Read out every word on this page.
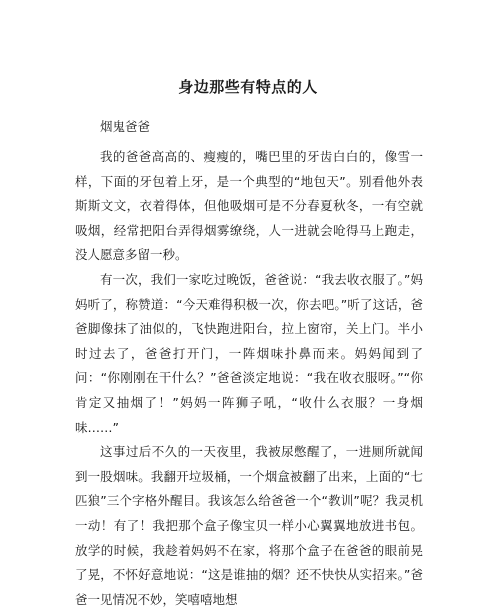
身边那些有特点的人
烟鬼爸爸

我的爸爸高高的、瘦瘦的，嘴巴里的牙齿白白的，像雪一样，下面的牙包着上牙，是一个典型的“地包天”。别看他外表斯斯文文，衣着得体，但他吸烟可是不分春夏秋冬，一有空就吸烟，经常把阳台弄得烟雾缭绕，人一进就会呛得马上跑走，没人愿意多留一秒。

有一次，我们一家吃过晚饭，爸爸说：“我去收衣服了。”妈妈听了，称赞道：“今天难得积极一次，你去吧。”听了这话，爸爸脚像抹了油似的，飞快跑进阳台，拉上窗帘，关上门。半小时过去了，爸爸打开门，一阵烟味扑鼻而来。妈妈闻到了问：“你刚刚在干什么？”爸爸淡定地说：“我在收衣服呀。”“你肯定又抽烟了！”妈妈一阵狮子吼，“收什么衣服？一身烟味……”

这事过后不久的一天夜里，我被尿憋醒了，一进厕所就闻到一股烟味。我翻开垃圾桶，一个烟盒被翻了出来，上面的“七匹狼”三个字格外醒目。我该怎么给爸爸一个“教训”呢？我灵机一动！有了！我把那个盒子像宝贝一样小心翼翼地放进书包。放学的时候，我趁着妈妈不在家，将那个盒子在爸爸的眼前晃了晃，不怀好意地说：“这是谁抽的烟？还不快快从实招来。”爸爸一见情况不妙，笑嘻嘻地想
